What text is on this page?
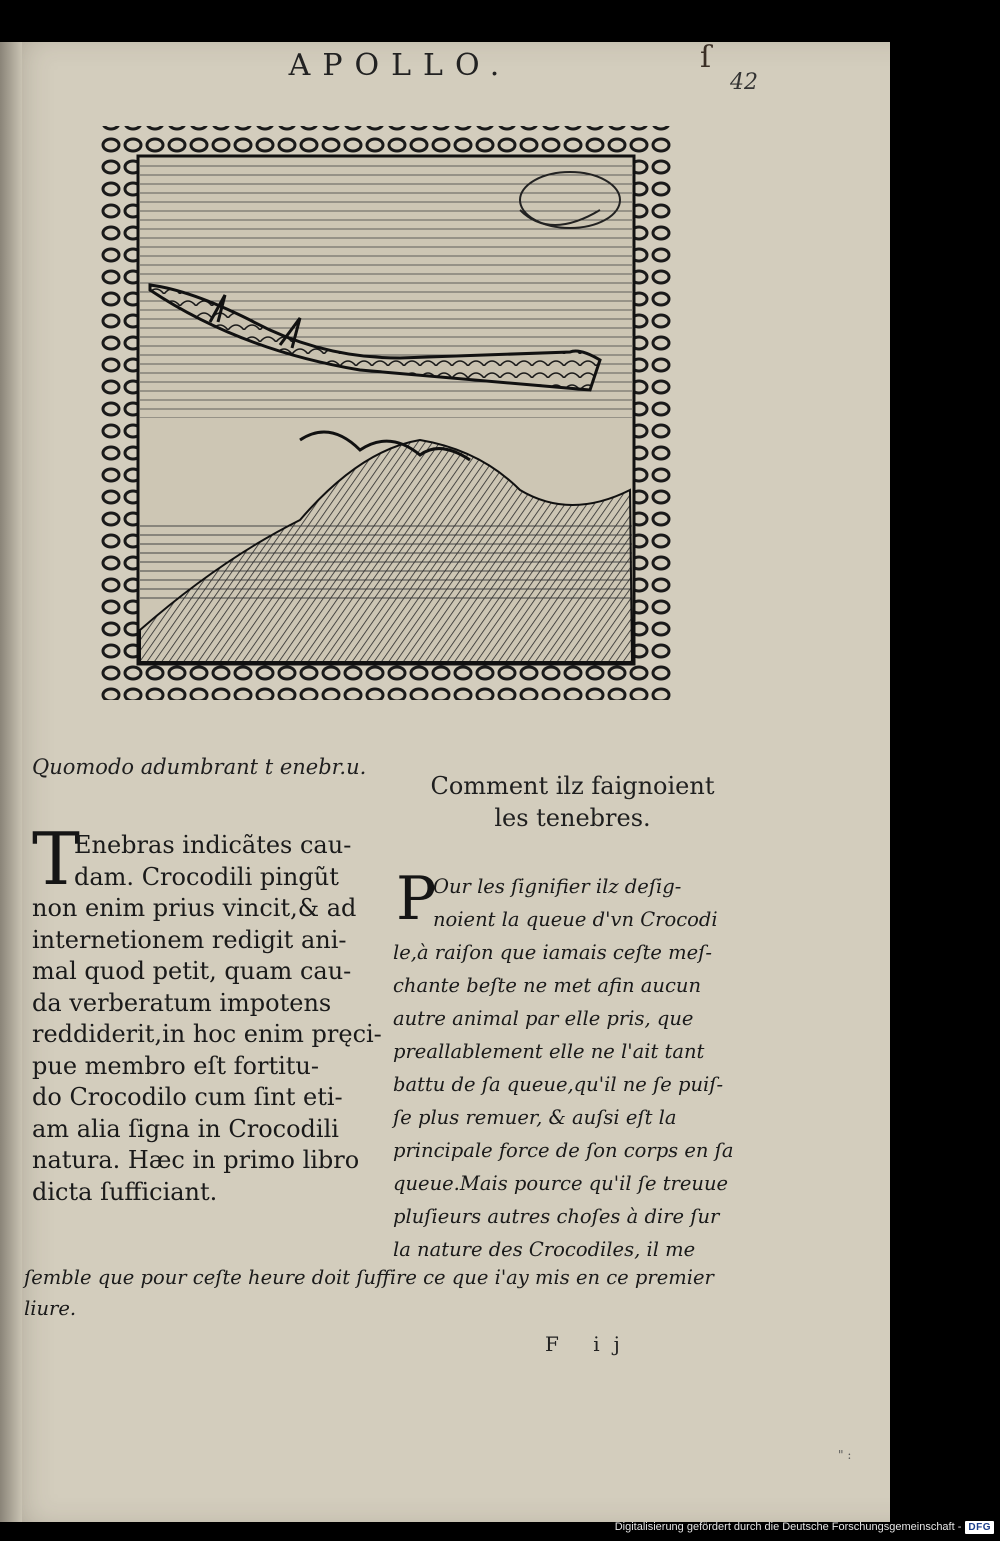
APOLLO.	ſ
42
Quomodo adumbrant t enebr.u.
Comment ilz faignoient
les tenebres.
T
Enebras indicãtes cau-
dam. Crocodili pingũt
non enim prius vincit,& ad
internetionem redigit ani-
mal quod petit, quam cau-
da verberatum impotens
reddiderit,in hoc enim pręci-
pue membro eſt fortitu-
do Crocodilo cum ſint eti-
am alia ſigna in Crocodili
natura. Hæc in primo libro
dicta ſufficiant.
P
Our les ſignifier ilz deſig-
noient la queue d'vn Crocodi
le,à raiſon que iamais ceſte meſ-
chante beſte ne met afin aucun
autre animal par elle pris, que
preallablement elle ne l'ait tant
battu de ſa queue,qu'il ne ſe puiſ-
ſe plus remuer, & auſsi eſt la
principale force de ſon corps en ſa
queue.Mais pource qu'il ſe treuue
pluſieurs autres choſes à dire ſur
la nature des Crocodiles, il me
ſemble que pour ceſte heure doit ſuffire ce que i'ay mis en ce premier
liure.
F ij
" :
Digitalisierung gefördert durch die Deutsche Forschungsgemeinschaft - DFG
